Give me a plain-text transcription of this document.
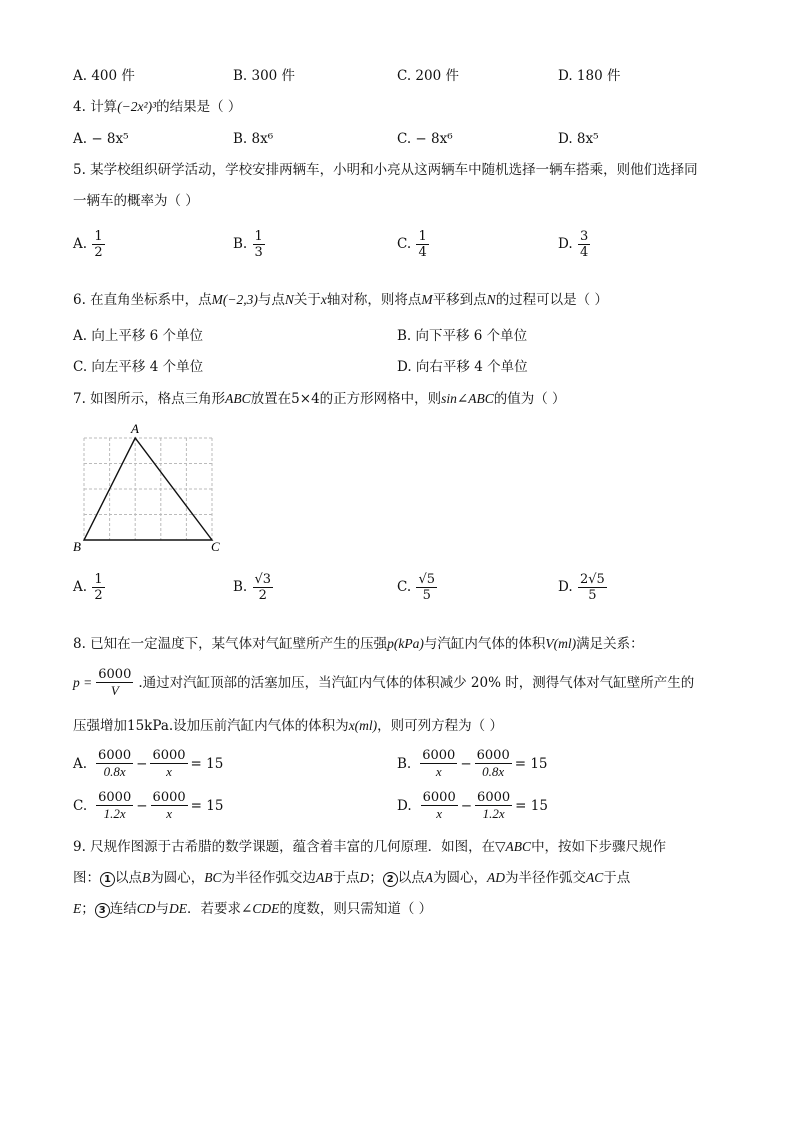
A. 400 件	B. 300 件	C. 200 件	D. 180 件
4. 计算(−2x²)³的结果是（ ）
A. − 8x⁵	B. 8x⁶	C. − 8x⁶	D. 8x⁵
5. 某学校组织研学活动，学校安排两辆车，小明和小亮从这两辆车中随机选择一辆车搭乘，则他们选择同
一辆车的概率为（ ）
A. $\frac{1}{2}$	B. $\frac{1}{3}$	C. $\frac{1}{4}$	D. $\frac{3}{4}$
6. 在直角坐标系中，点M(−2,3)与点N关于x轴对称，则将点M平移到点N的过程可以是（ ）
A. 向上平移 6 个单位	B. 向下平移 6 个单位
C. 向左平移 4 个单位	D. 向右平移 4 个单位
7. 如图所示，格点三角形ABC放置在5×4的正方形网格中，则sin∠ABC的值为（ ）
A
B	C
A. $\frac{1}{2}$	B. $\frac{√3}{2}$	C. $\frac{√5}{5}$	D. $\frac{2√5}{5}$
8. 已知在一定温度下，某气体对气缸壁所产生的压强p(kPa)与汽缸内气体的体积V(ml)满足关系：
$p = \frac{6000}{V}$ .通过对汽缸顶部的活塞加压，当汽缸内气体的体积减少 20% 时，测得气体对气缸壁所产生的
压强增加15kPa.设加压前汽缸内气体的体积为x(ml)，则可列方程为（ ）
A. $\frac{6000}{0.8x} - \frac{6000}{x} = 15$	B. $\frac{6000}{x} - \frac{6000}{0.8x} = 15$
C. $\frac{6000}{1.2x} - \frac{6000}{x} = 15$	D. $\frac{6000}{x} - \frac{6000}{1.2x} = 15$
9. 尺规作图源于古希腊的数学课题，蕴含着丰富的几何原理．如图，在▽ABC中，按如下步骤尺规作
图： 1 以点B为圆心，BC为半径作弧交边AB于点D； 2 以点A为圆心，AD为半径作弧交AC于点
E； 3 连结CD与DE．若要求∠CDE的度数，则只需知道（ ）
